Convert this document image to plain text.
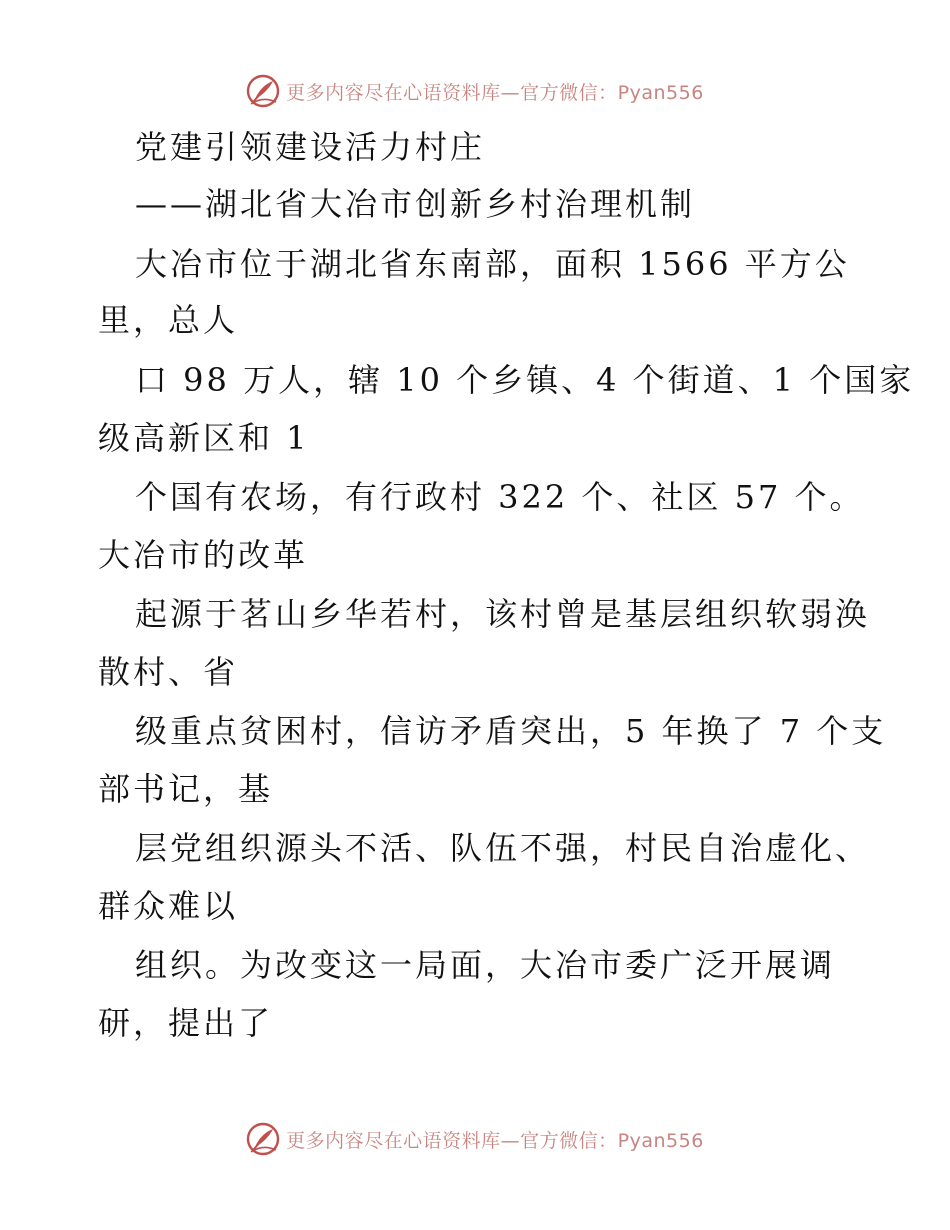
更多内容尽在心语资料库—官方微信：Pyan556
党建引领建设活力村庄
——湖北省大冶市创新乡村治理机制
大冶市位于湖北省东南部，面积 1566 平方公
里，总人
口 98 万人，辖 10 个乡镇、4 个街道、1 个国家
级高新区和 1
个国有农场，有行政村 322 个、社区 57 个。
大冶市的改革
起源于茗山乡华若村，该村曾是基层组织软弱涣
散村、省
级重点贫困村，信访矛盾突出，5 年换了 7 个支
部书记，基
层党组织源头不活、队伍不强，村民自治虚化、
群众难以
组织。为改变这一局面，大冶市委广泛开展调
研，提出了
更多内容尽在心语资料库—官方微信：Pyan556
